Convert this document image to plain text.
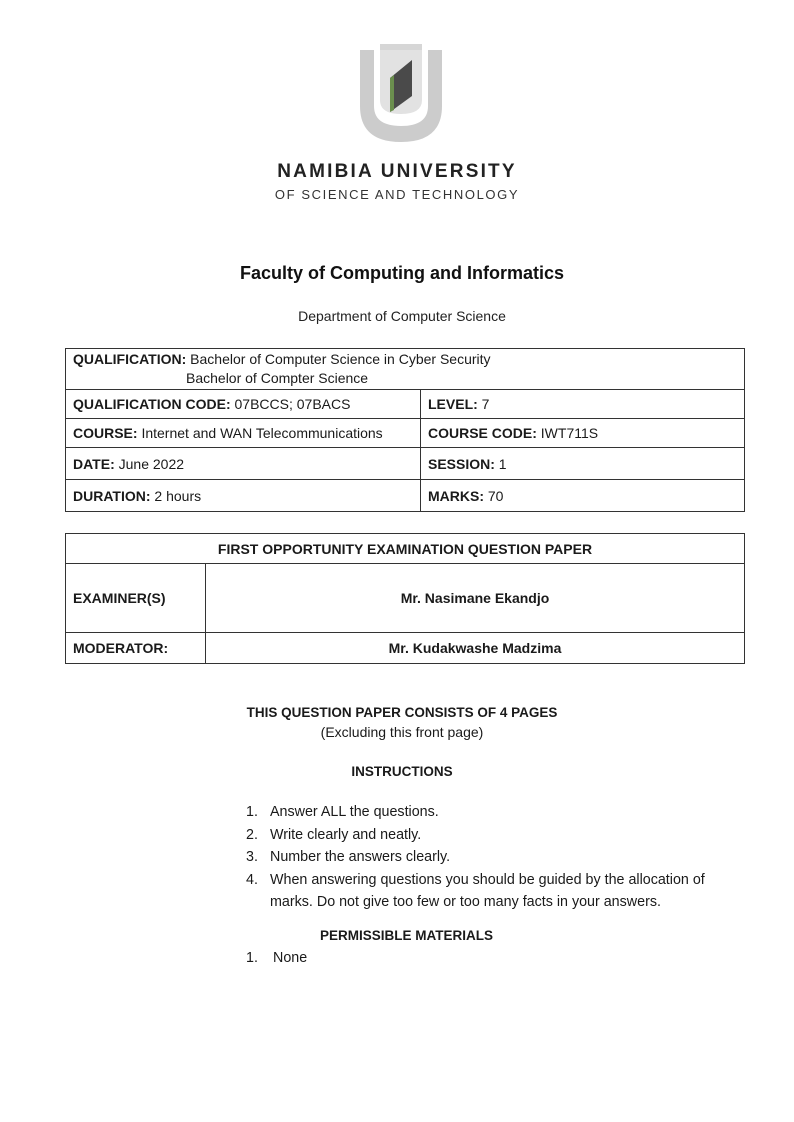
NAMIBIA UNIVERSITY
OF SCIENCE AND TECHNOLOGY
Faculty of Computing and Informatics
Department of Computer Science
QUALIFICATION: Bachelor of Computer Science in Cyber Security
Bachelor of Compter Science	
QUALIFICATION CODE: 07BCCS; 07BACS	LEVEL: 7
COURSE: Internet and WAN Telecommunications	COURSE CODE: IWT711S
DATE: June 2022	SESSION: 1
DURATION: 2 hours	MARKS: 70
FIRST OPPORTUNITY EXAMINATION QUESTION PAPER	
EXAMINER(S)	Mr. Nasimane Ekandjo
MODERATOR:	Mr. Kudakwashe Madzima
THIS QUESTION PAPER CONSISTS OF 4 PAGES
(Excluding this front page)
INSTRUCTIONS
1. Answer ALL the questions.
2. Write clearly and neatly.
3. Number the answers clearly.
4. When answering questions you should be guided by the allocation of marks. Do not give too few or too many facts in your answers.
PERMISSIBLE MATERIALS
1.	None
